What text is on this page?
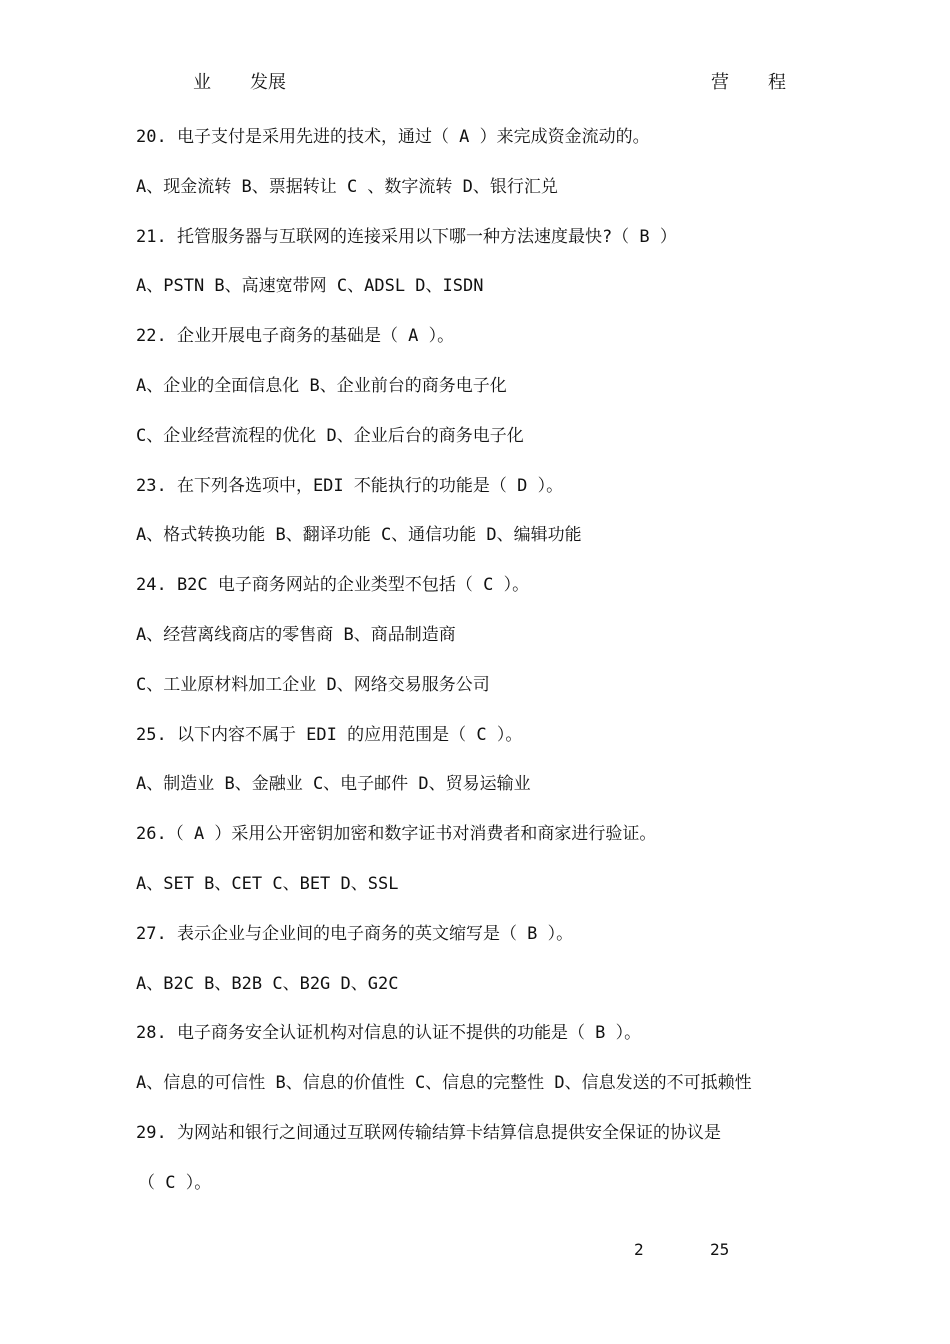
业 发展	营 程
20. 电子支付是采用先进的技术，通过（ A ）来完成资金流动的。
A、现金流转 B、票据转让 C 、数字流转 D、银行汇兑
21. 托管服务器与互联网的连接采用以下哪一种方法速度最快?（ B ）
A、PSTN B、高速宽带网 C、ADSL D、ISDN
22. 企业开展电子商务的基础是（ A ）。
A、企业的全面信息化 B、企业前台的商务电子化
C、企业经营流程的优化 D、企业后台的商务电子化
23. 在下列各选项中，EDI 不能执行的功能是（ D ）。
A、格式转换功能 B、翻译功能 C、通信功能 D、编辑功能
24. B2C 电子商务网站的企业类型不包括（ C ）。
A、经营离线商店的零售商 B、商品制造商
C、工业原材料加工企业 D、网络交易服务公司
25. 以下内容不属于 EDI 的应用范围是（ C ）。
A、制造业 B、金融业 C、电子邮件 D、贸易运输业
26.（ A ）采用公开密钥加密和数字证书对消费者和商家进行验证。
A、SET B、CET C、BET D、SSL
27. 表示企业与企业间的电子商务的英文缩写是（ B ）。
A、B2C B、B2B C、B2G D、G2C
28. 电子商务安全认证机构对信息的认证不提供的功能是（ B ）。
A、信息的可信性 B、信息的价值性 C、信息的完整性 D、信息发送的不可抵赖性
29. 为网站和银行之间通过互联网传输结算卡结算信息提供安全保证的协议是
（ C ）。
2	25
